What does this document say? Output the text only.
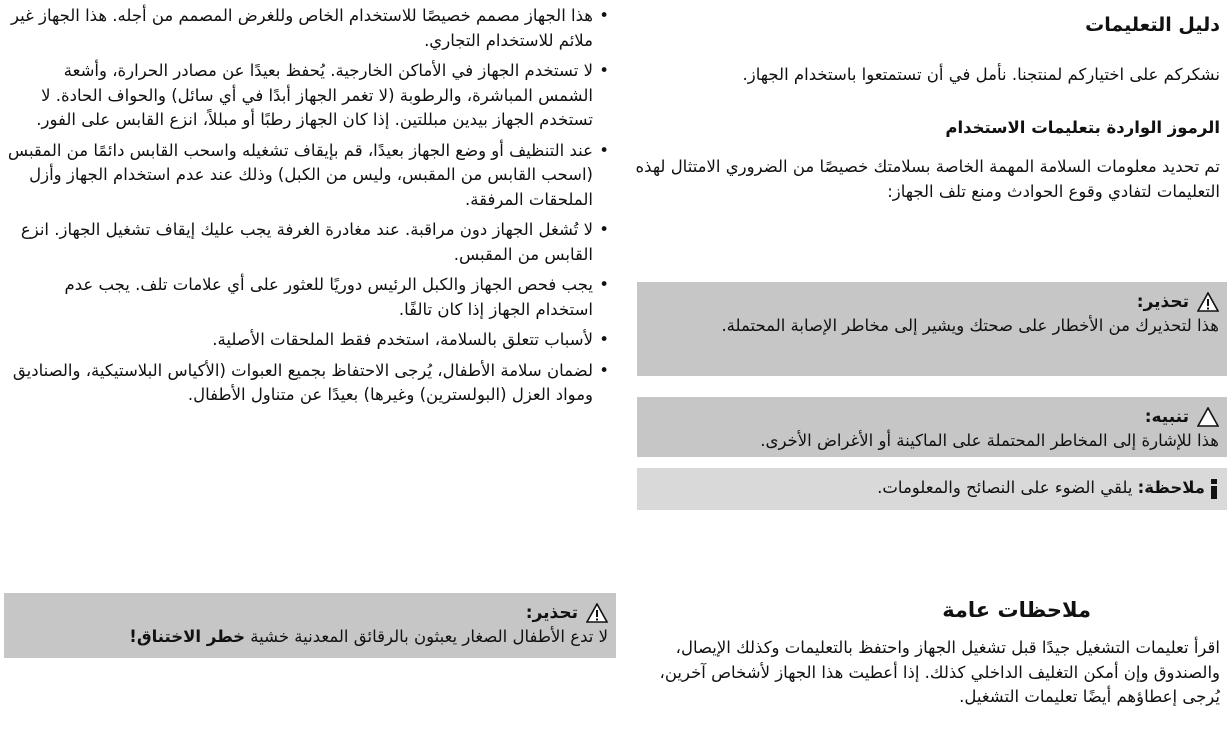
دليل التعليمات

نشكركم على اختياركم لمنتجنا. نأمل في أن تستمتعوا باستخدام الجهاز.

الرموز الواردة بتعليمات الاستخدام

تم تحديد معلومات السلامة المهمة الخاصة بسلامتك خصيصًا من الضروري الامتثال لهذه التعليمات لتفادي وقوع الحوادث ومنع تلف الجهاز:

تحذير:

هذا لتحذيرك من الأخطار على صحتك ويشير إلى مخاطر الإصابة المحتملة.

تنبيه:

هذا للإشارة إلى المخاطر المحتملة على الماكينة أو الأغراض الأخرى.

ملاحظة: يلقي الضوء على النصائح والمعلومات.

ملاحظات عامة

اقرأ تعليمات التشغيل جيدًا قبل تشغيل الجهاز واحتفظ بالتعليمات وكذلك الإيصال، والصندوق وإن أمكن التغليف الداخلي كذلك. إذا أعطيت هذا الجهاز لأشخاص آخرين، يُرجى إعطاؤهم أيضًا تعليمات التشغيل.

• هذا الجهاز مصمم خصيصًا للاستخدام الخاص وللغرض المصمم من أجله. هذا الجهاز غير ملائم للاستخدام التجاري.
• لا تستخدم الجهاز في الأماكن الخارجية. يُحفظ بعيدًا عن مصادر الحرارة، وأشعة الشمس المباشرة، والرطوبة (لا تغمر الجهاز أبدًا في أي سائل) والحواف الحادة. لا تستخدم الجهاز بيدين مبللتين. إذا كان الجهاز رطبًا أو مبللاً، انزع القابس على الفور.
• عند التنظيف أو وضع الجهاز بعيدًا، قم بإيقاف تشغيله واسحب القابس دائمًا من المقبس (اسحب القابس من المقبس، وليس من الكبل) وذلك عند عدم استخدام الجهاز وأزل الملحقات المرفقة.
• لا تُشغل الجهاز دون مراقبة. عند مغادرة الغرفة يجب عليك إيقاف تشغيل الجهاز. انزع القابس من المقبس.
• يجب فحص الجهاز والكبل الرئيس دوريًا للعثور على أي علامات تلف. يجب عدم استخدام الجهاز إذا كان تالفًا.
• لأسباب تتعلق بالسلامة، استخدم فقط الملحقات الأصلية.
• لضمان سلامة الأطفال، يُرجى الاحتفاظ بجميع العبوات (الأكياس البلاستيكية، والصناديق ومواد العزل (البولسترين) وغيرها) بعيدًا عن متناول الأطفال.

تحذير:

لا تدع الأطفال الصغار يعبثون بالرقائق المعدنية خشية خطر الاختناق!
